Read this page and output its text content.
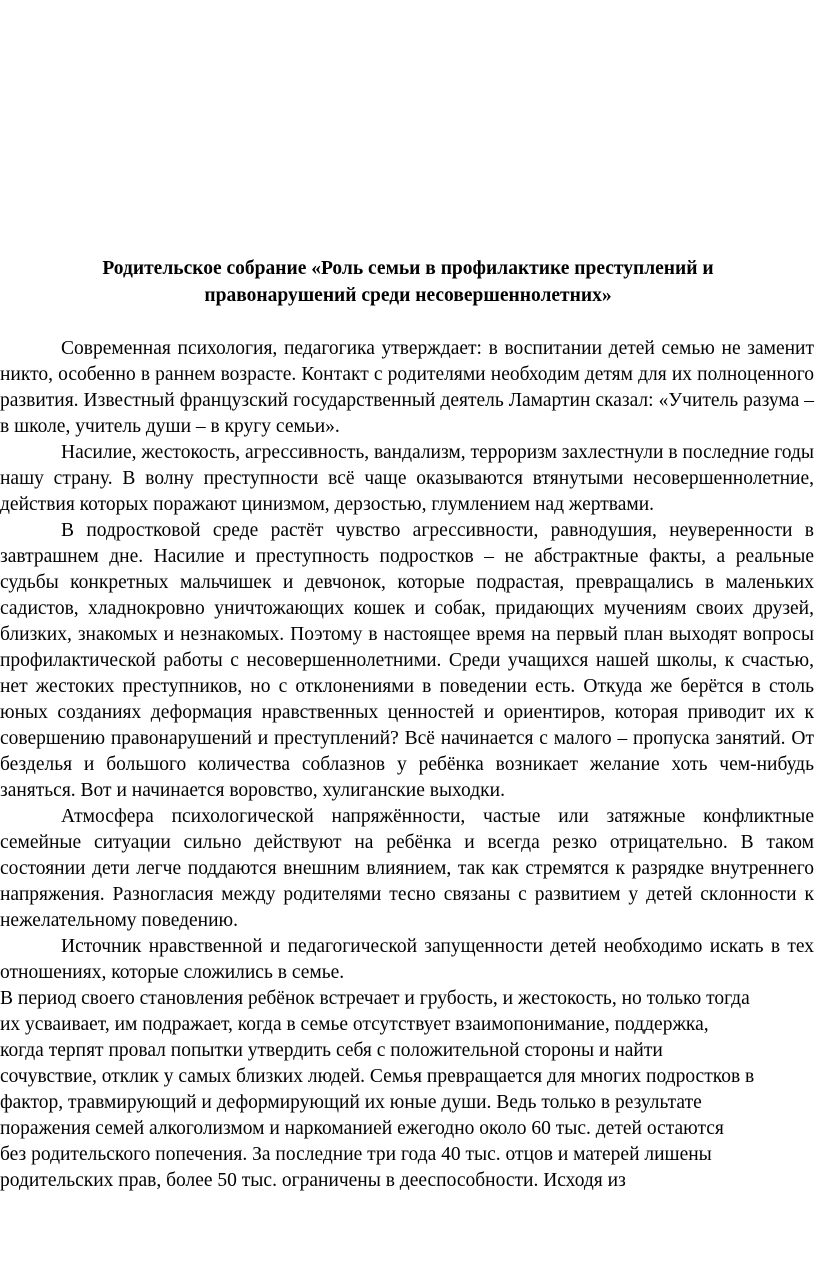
Родительское собрание «Роль семьи в профилактике преступлений и
правонарушений среди несовершеннолетних»

Современная психология, педагогика утверждает: в воспитании детей семью не заменит никто, особенно в раннем возрасте. Контакт с родителями необходим детям для их полноценного развития. Известный французский государственный деятель Ламартин сказал: «Учитель разума – в школе, учитель души – в кругу семьи».

Насилие, жестокость, агрессивность, вандализм, терроризм захлестнули в последние годы нашу страну. В волну преступности всё чаще оказываются втянутыми несовершеннолетние, действия которых поражают цинизмом, дерзостью, глумлением над жертвами.

В подростковой среде растёт чувство агрессивности, равнодушия, неуверенности в завтрашнем дне. Насилие и преступность подростков – не абстрактные факты, а реальные судьбы конкретных мальчишек и девчонок, которые подрастая, превращались в маленьких садистов, хладнокровно уничтожающих кошек и собак, придающих мучениям своих друзей, близких, знакомых и незнакомых. Поэтому в настоящее время на первый план выходят вопросы профилактической работы с несовершеннолетними. Среди учащихся нашей школы, к счастью, нет жестоких преступников, но с отклонениями в поведении есть. Откуда же берётся в столь юных созданиях деформация нравственных ценностей и ориентиров, которая приводит их к совершению правонарушений и преступлений? Всё начинается с малого – пропуска занятий. От безделья и большого количества соблазнов у ребёнка возникает желание хоть чем-нибудь заняться. Вот и начинается воровство, хулиганские выходки.

Атмосфера психологической напряжённости, частые или затяжные конфликтные семейные ситуации сильно действуют на ребёнка и всегда резко отрицательно. В таком состоянии дети легче поддаются внешним влиянием, так как стремятся к разрядке внутреннего напряжения. Разногласия между родителями тесно связаны с развитием у детей склонности к нежелательному поведению.

Источник нравственной и педагогической запущенности детей необходимо искать в тех отношениях, которые сложились в семье.

В период своего становления ребёнок встречает и грубость, и жестокость, но только тогда
их усваивает, им подражает, когда в семье отсутствует взаимопонимание, поддержка,
когда терпят провал попытки утвердить себя с положительной стороны и найти
сочувствие, отклик у самых близких людей. Семья превращается для многих подростков в
фактор, травмирующий и деформирующий их юные души. Ведь только в результате
поражения семей алкоголизмом и наркоманией ежегодно около 60 тыс. детей остаются
без родительского попечения. За последние три года 40 тыс. отцов и матерей лишены
родительских прав, более 50 тыс. ограничены в дееспособности. Исходя из
